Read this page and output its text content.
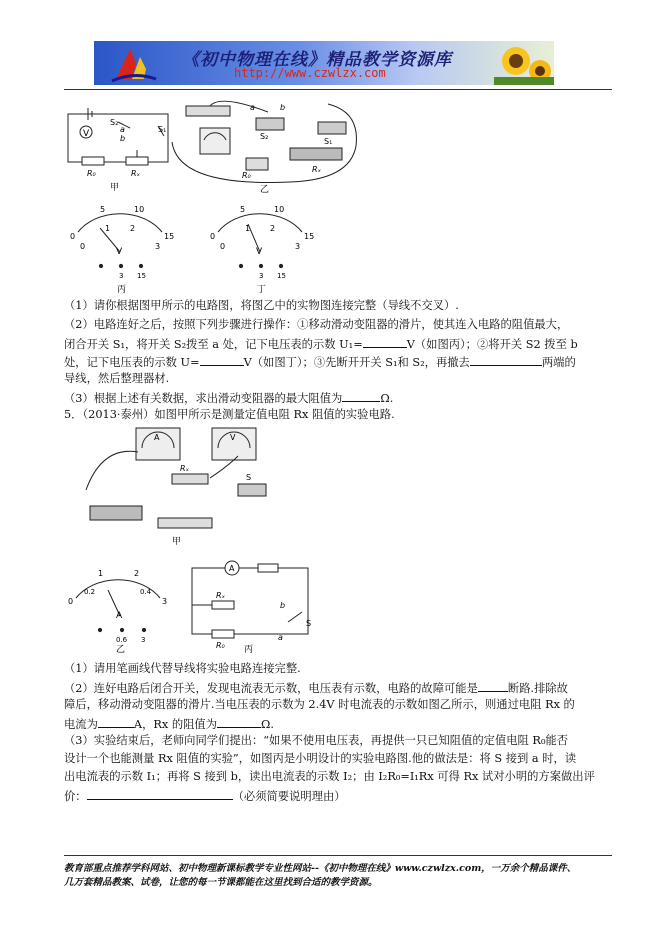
《初中物理在线》精品教学资源库
http://www.czwlzx.com
V
S₂
a
b
S₁
R₀	Rₓ
甲
S₂
S₁
a	b
R₀
Rₓ
乙
0	15
5	10
1 2
0	3
V
3 15
丙
0	15
5	10
1 2
0	3
V
3 15
丁
（1）请你根据图甲所示的电路图，将图乙中的实物图连接完整（导线不交叉）.
（2）电路连好之后，按照下列步骤进行操作：①移动滑动变阻器的滑片，使其连入电路的阻值最大，
闭合开关 S₁，将开关 S₂拨至 a 处，记下电压表的示数 U₁=	V（如图丙）；②将开关 S2 拨至 b
处，记下电压表的示数 U=	V（如图丁）；③先断开开关 S₁和 S₂，再撤去	两端的
导线，然后整理器材.
（3）根据上述有关数据，求出滑动变阻器的最大阻值为	Ω.
5．（2013·泰州）如图甲所示是测量定值电阻 Rx 阻值的实验电路.
A	V
Rₓ
S
甲
0	3
1	2
0.2	0.4
A
0.6 3
乙
A
Rₓ
R₀
b
a
S
丙
（1）请用笔画线代替导线将实验电路连接完整.
（2）连好电路后闭合开关，发现电流表无示数，电压表有示数，电路的故障可能是	断路.排除故
障后，移动滑动变阻器的滑片.当电压表的示数为 2.4V 时电流表的示数如图乙所示，则通过电阻 Rx 的
电流为	A，Rx 的阻值为	Ω.
（3）实验结束后，老师向同学们提出：“如果不使用电压表，再提供一只已知阻值的定值电阻 R₀能否
设计一个也能测量 Rx 阻值的实验”，如图丙是小明设计的实验电路图.他的做法是：将 S 接到 a 时，读
出电流表的示数 I₁；再将 S 接到 b，读出电流表的示数 I₂；由 I₂R₀=I₁Rx 可得 Rx 试对小明的方案做出评
价：	（必须简要说明理由）
教育部重点推荐学科网站、初中物理新课标教学专业性网站--《初中物理在线》www.czwlzx.com，一万余个精品课件、
几万套精品教案、试卷，让您的每一节课都能在这里找到合适的教学资源。
